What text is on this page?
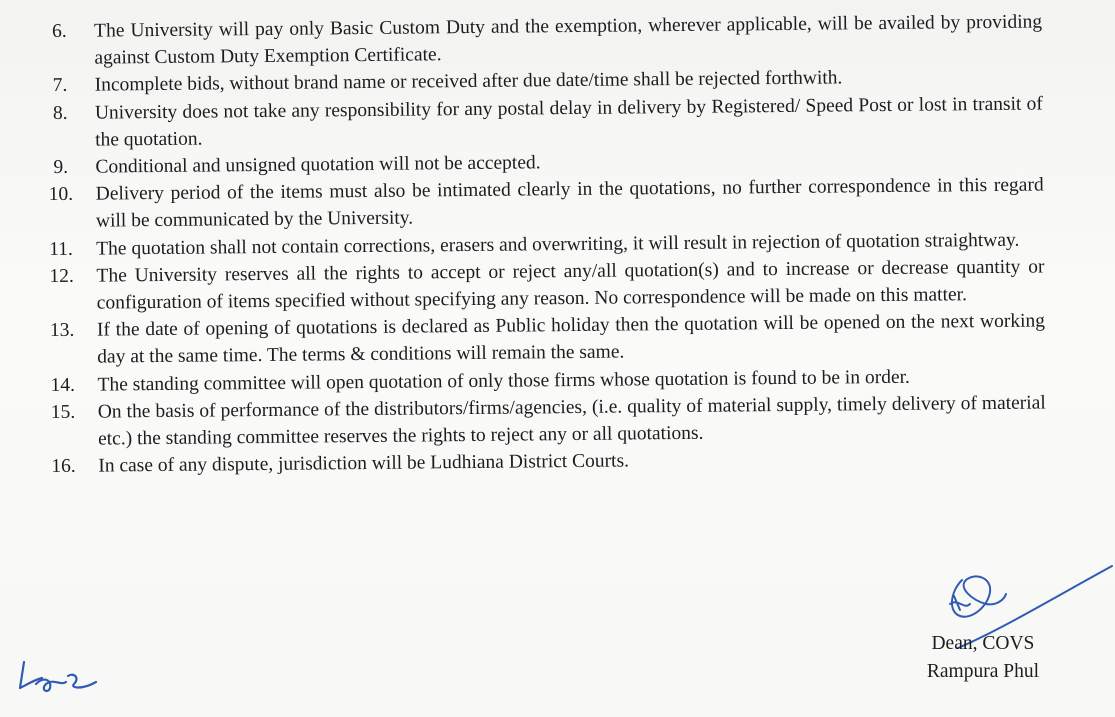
6.	The University will pay only Basic Custom Duty and the exemption, wherever applicable, will be availed by providing against Custom Duty Exemption Certificate.
7.	Incomplete bids, without brand name or received after due date/time shall be rejected forthwith.
8.	University does not take any responsibility for any postal delay in delivery by Registered/ Speed Post or lost in transit of the quotation.
9.	Conditional and unsigned quotation will not be accepted.
10.	Delivery period of the items must also be intimated clearly in the quotations, no further correspondence in this regard will be communicated by the University.
11.	The quotation shall not contain corrections, erasers and overwriting, it will result in rejection of quotation straightway.
12.	The University reserves all the rights to accept or reject any/all quotation(s) and to increase or decrease quantity or configuration of items specified without specifying any reason. No correspondence will be made on this matter.
13.	If the date of opening of quotations is declared as Public holiday then the quotation will be opened on the next working day at the same time. The terms & conditions will remain the same.
14.	The standing committee will open quotation of only those firms whose quotation is found to be in order.
15.	On the basis of performance of the distributors/firms/agencies, (i.e. quality of material supply, timely delivery of material etc.) the standing committee reserves the rights to reject any or all quotations.
16.	In case of any dispute, jurisdiction will be Ludhiana District Courts.
Dean, COVS
Rampura Phul
